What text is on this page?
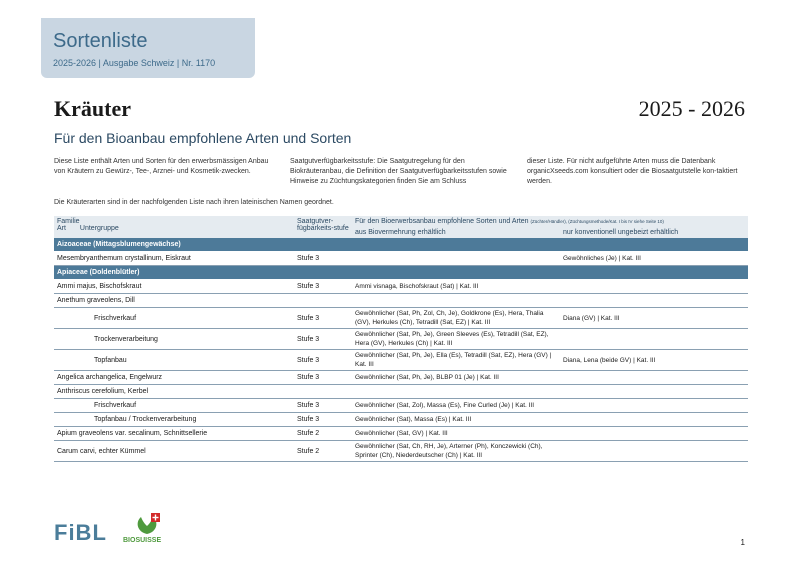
Sortenliste
2025-2026 | Ausgabe Schweiz | Nr. 1170
Kräuter	2025 - 2026
Für den Bioanbau empfohlene Arten und Sorten
Diese Liste enthält Arten und Sorten für den erwerbsmässigen Anbau von Kräutern zu Gewürz-, Tee-, Arznei- und Kosmetik-zwecken.
Saatgutverfügbarkeitsstufe: Die Saatgutregelung für den Biokräuteranbau, die Definition der Saatgutverfügbarkeitsstufen sowie Hinweise zu Züchtungskategorien finden Sie am Schluss
dieser Liste. Für nicht aufgeführte Arten muss die Datenbank organicXseeds.com konsultiert oder die Biosaatgutstelle kon-taktiert werden.
Die Kräuterarten sind in der nachfolgenden Liste nach ihren lateinischen Namen geordnet.
Familie
Art Untergruppe	Saatgutver-fügbarkeits-stufe	Für den Bioerwerbsanbau empfohlene Sorten und Arten (Züchter/Händler), (Züchtungsmethode/Kat. I bis IV siehe Seite 10)	
		aus Biovermehrung erhältlich	nur konventionell ungebeizt erhältlich
Aizoaceae (Mittagsblumengewächse)			
Mesembryanthemum crystallinum, Eiskraut	Stufe 3		Gewöhnliches (Je) | Kat. III
Apiaceae (Doldenblütler)			
Ammi majus, Bischofskraut	Stufe 3	Ammi visnaga, Bischofskraut (Sat) | Kat. III	
Anethum graveolens, Dill			
Frischverkauf	Stufe 3	Gewöhnlicher (Sat, Ph, Zol, Ch, Je), Goldkrone (Es), Hera, Thalia (GV), Herkules (Ch), Tetradill (Sat, EZ) | Kat. III	Diana (GV) | Kat. III
Trockenverarbeitung	Stufe 3	Gewöhnlicher (Sat, Ph, Je), Green Sleeves (Es), Tetradill (Sat, EZ), Hera (GV), Herkules (Ch) | Kat. III	
Topfanbau	Stufe 3	Gewöhnlicher (Sat, Ph, Je), Ella (Es), Tetradill (Sat, EZ), Hera (GV) | Kat. III	Diana, Lena (beide GV) | Kat. III
Angelica archangelica, Engelwurz	Stufe 3	Gewöhnlicher (Sat, Ph, Je), BLBP 01 (Je) | Kat. III	
Anthriscus cerefolium, Kerbel			
Frischverkauf	Stufe 3	Gewöhnlicher (Sat, Zol), Massa (Es), Fine Curled (Je) | Kat. III	
Topfanbau / Trockenverarbeitung	Stufe 3	Gewöhnlicher (Sat), Massa (Es) | Kat. III	
Apium graveolens var. secalinum, Schnittsellerie	Stufe 2	Gewöhnlicher (Sat, GV) | Kat. III	
Carum carvi, echter Kümmel	Stufe 2	Gewöhnlicher (Sat, Ch, RH, Je), Arterner (Ph), Konczewicki (Ch), Sprinter (Ch), Niederdeutscher (Ch) | Kat. III	
FiBL BIOSUISSE	1
